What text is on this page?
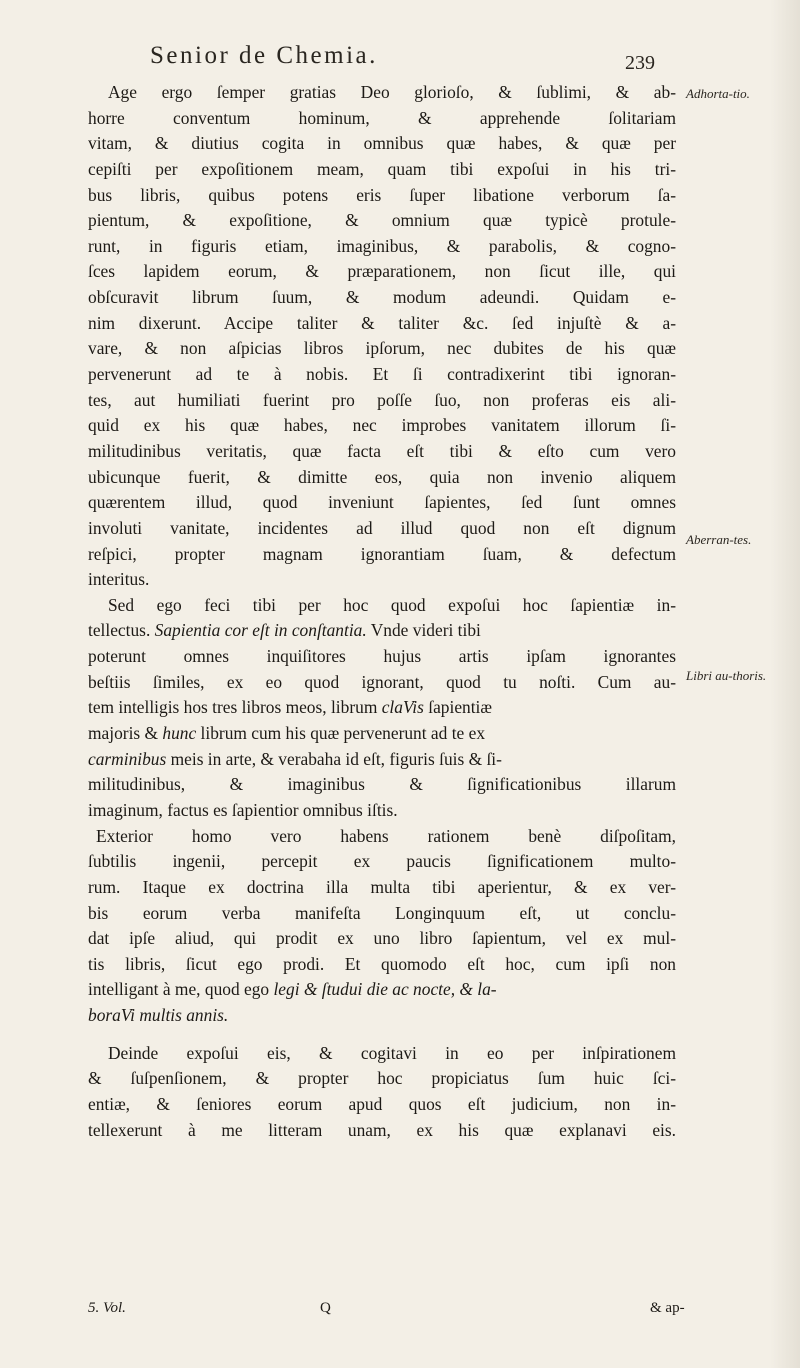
Senior de Chemia.	239
Age ergo ſemper gratias Deo glorioſo, & ſublimi, & ab-
horre conventum hominum, & apprehende ſolitariam
vitam, & diutius cogita in omnibus quæ habes, & quæ per
cepiſti per expoſitionem meam, quam tibi expoſui in his tri-
bus libris, quibus potens eris ſuper libatione verborum ſa-
pientum, & expoſitione, & omnium quæ typicè protule-
runt, in figuris etiam, imaginibus, & parabolis, & cogno-
ſces lapidem eorum, & præparationem, non ſicut ille, qui
obſcuravit librum ſuum, & modum adeundi. Quidam e-
nim dixerunt. Accipe taliter & taliter &c. ſed injuſtè & a-
vare, & non aſpicias libros ipſorum, nec dubites de his quæ
pervenerunt ad te à nobis. Et ſi contradixerint tibi ignoran-
tes, aut humiliati fuerint pro poſſe ſuo, non proferas eis ali-
quid ex his quæ habes, nec improbes vanitatem illorum ſi-
militudinibus veritatis, quæ facta eſt tibi & eſto cum vero
ubicunque fuerit, & dimitte eos, quia non invenio aliquem
quærentem illud, quod inveniunt ſapientes, ſed ſunt omnes
involuti vanitate, incidentes ad illud quod non eſt dignum
reſpici, propter magnam ignorantiam ſuam, & defectum
interitus.
Sed ego feci tibi per hoc quod expoſui hoc ſapientiæ in-
tellectus. Sapientia cor eſt in conſtantia. Vnde videri tibi
poterunt omnes inquiſitores hujus artis ipſam ignorantes
beſtiis ſimiles, ex eo quod ignorant, quod tu noſti. Cum au-
tem intelligis hos tres libros meos, librum claVis ſapientiæ
majoris & hunc librum cum his quæ pervenerunt ad te ex
carminibus meis in arte, & verabaha id eſt, figuris ſuis & ſi-
militudinibus, & imaginibus & ſignificationibus illarum
imaginum, factus es ſapientior omnibus iſtis.
Exterior homo vero habens rationem benè diſpoſitam,
ſubtilis ingenii, percepit ex paucis ſignificationem multo-
rum. Itaque ex doctrina illa multa tibi aperientur, & ex ver-
bis eorum verba manifeſta Longinquum eſt, ut conclu-
dat ipſe aliud, qui prodit ex uno libro ſapientum, vel ex mul-
tis libris, ſicut ego prodi. Et quomodo eſt hoc, cum ipſi non
intelligant à me, quod ego legi & ſtudui die ac nocte, & la-
boraVi multis annis.
Deinde expoſui eis, & cogitavi in eo per inſpirationem
& ſuſpenſionem, & propter hoc propiciatus ſum huic ſci-
entiæ, & ſeniores eorum apud quos eſt judicium, non in-
tellexerunt à me litteram unam, ex his quæ explanavi eis.
Adhorta-tio.
Aberran-tes.
Libri au-thoris.
5. Vol.	Q	& ap-
